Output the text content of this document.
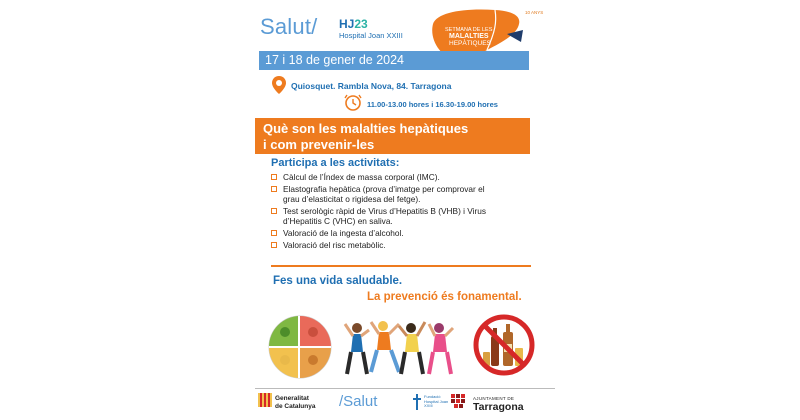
Salut/ HJ23
Hospital Joan XXIII
SETMANA DE LES
MALALTIES
HEPÀTIQUES
10 ANYS
17 i 18 de gener de 2024
Quiosquet. Rambla Nova, 84. Tarragona
11.00-13.00 hores i 16.30-19.00 hores
Què son les malalties hepàtiques
i com prevenir-les
Participa a les activitats:
Càlcul de l’Índex de massa corporal (IMC).
Elastografia hepàtica (prova d’imatge per comprovar el
grau d’elasticitat o rigidesa del fetge).
Test serològic ràpid de Virus d’Hepatitis B (VHB) i Virus
d’Hepatitis C (VHC) en saliva.
Valoració de la ingesta d’alcohol.
Valoració del risc metabòlic.
Fes una vida saludable.
La prevenció és fonamental.
Generalitat
de Catalunya /Salut	Fundació Hospital Joan XXIII
AJUNTAMENT DE
Tarragona
